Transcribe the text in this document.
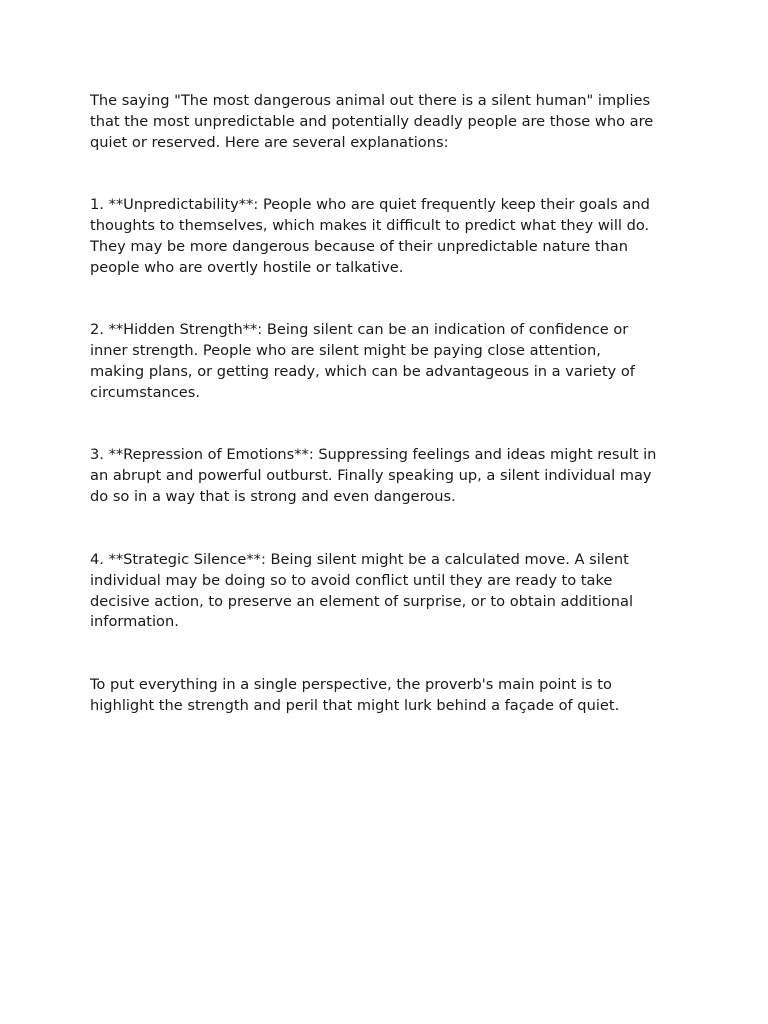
The saying "The most dangerous animal out there is a silent human" implies
that the most unpredictable and potentially deadly people are those who are
quiet or reserved. Here are several explanations:
1. **Unpredictability**: People who are quiet frequently keep their goals and
thoughts to themselves, which makes it difficult to predict what they will do.
They may be more dangerous because of their unpredictable nature than
people who are overtly hostile or talkative.
2. **Hidden Strength**: Being silent can be an indication of confidence or
inner strength. People who are silent might be paying close attention,
making plans, or getting ready, which can be advantageous in a variety of
circumstances.
3. **Repression of Emotions**: Suppressing feelings and ideas might result in
an abrupt and powerful outburst. Finally speaking up, a silent individual may
do so in a way that is strong and even dangerous.
4. **Strategic Silence**: Being silent might be a calculated move. A silent
individual may be doing so to avoid conflict until they are ready to take
decisive action, to preserve an element of surprise, or to obtain additional
information.
To put everything in a single perspective, the proverb's main point is to
highlight the strength and peril that might lurk behind a façade of quiet.
